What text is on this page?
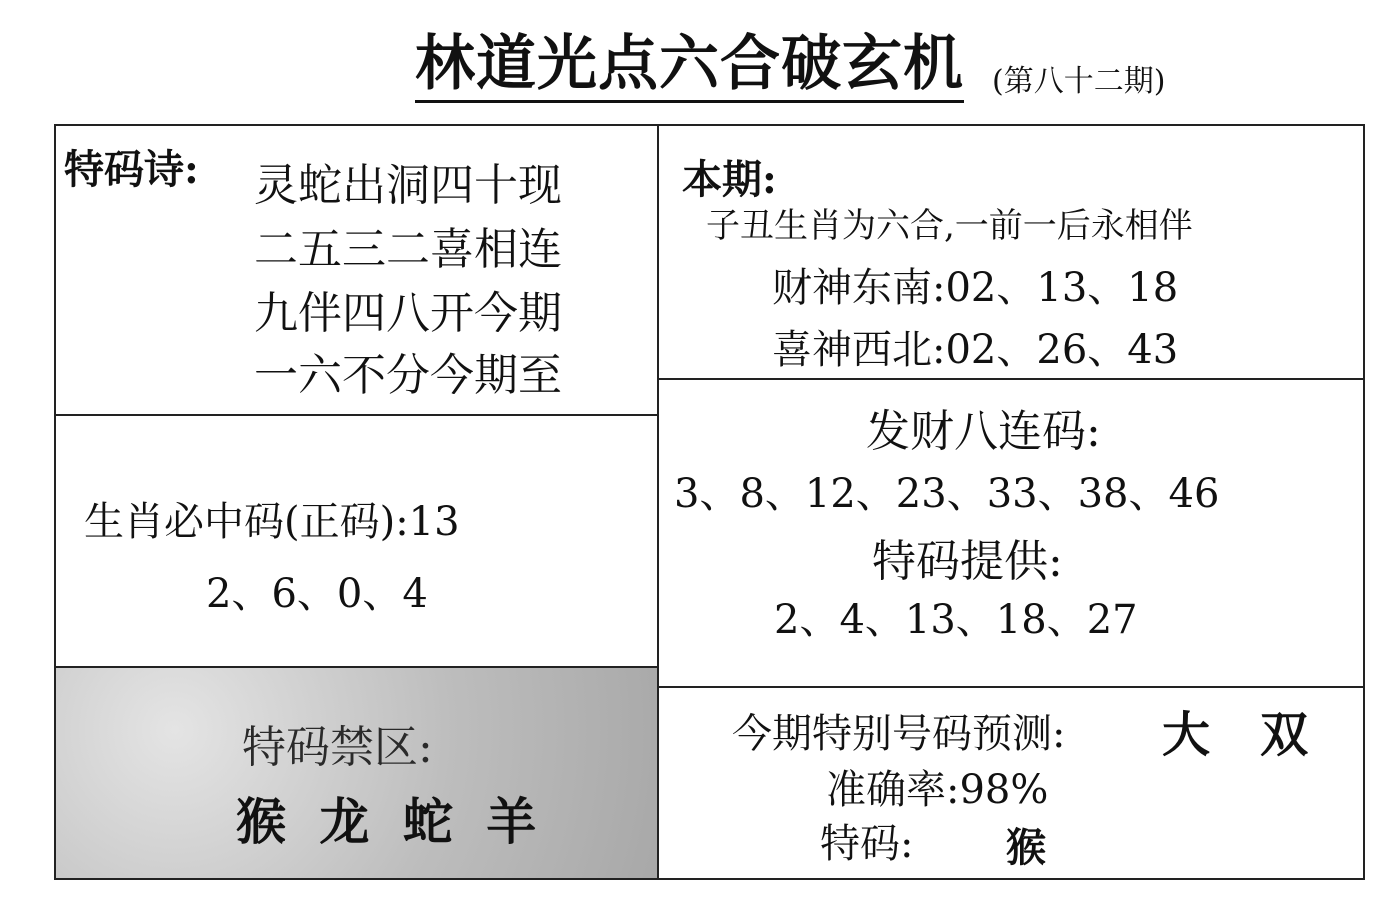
林道光点六合破玄机 (第八十二期)
特码诗: 灵蛇出洞四十现
二五三二喜相连
九伴四八开今期
一六不分今期至
本期:
子丑生肖为六合,一前一后永相伴
财神东南:02、13、18
喜神西北:02、26、43
生肖必中码(正码):13
2、6、0、4
发财八连码:
3、8、12、23、33、38、46
特码提供:
2、4、13、18、27
特码禁区:
猴 龙 蛇 羊
今期特别号码预测: 大   双
准确率:98%
特码: 猴
